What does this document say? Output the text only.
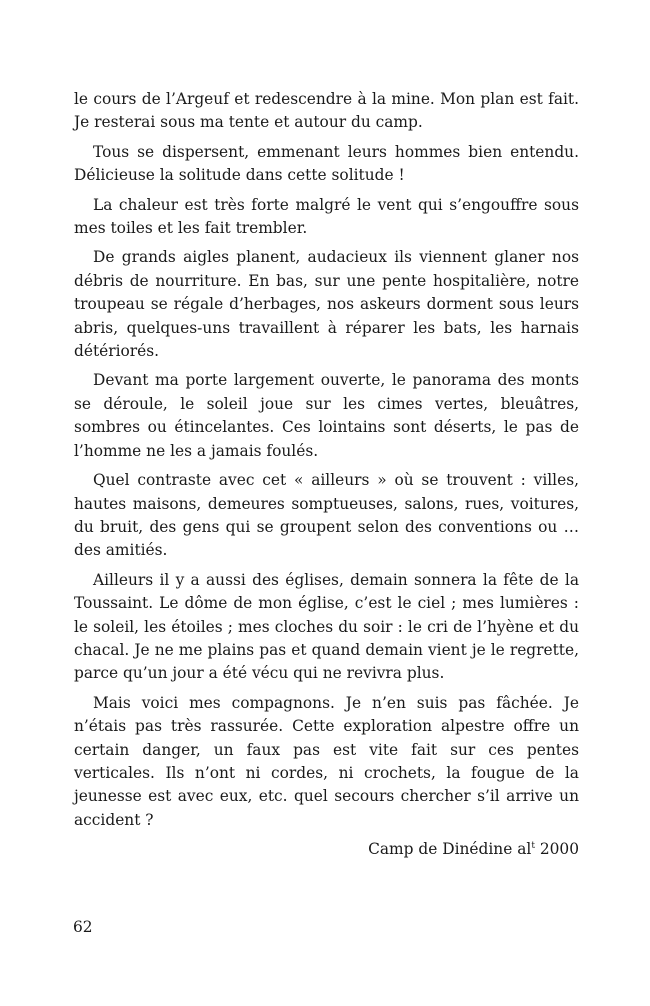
le cours de l’Argeuf et redescendre à la mine. Mon plan est fait. Je resterai sous ma tente et autour du camp.

Tous se dispersent, emmenant leurs hommes bien entendu. Délicieuse la solitude dans cette solitude !

La chaleur est très forte malgré le vent qui s’engouffre sous mes toiles et les fait trembler.

De grands aigles planent, audacieux ils viennent glaner nos débris de nourriture. En bas, sur une pente hospitalière, notre troupeau se régale d’herbages, nos askeurs dorment sous leurs abris, quelques-uns travaillent à réparer les bats, les harnais détériorés.

Devant ma porte largement ouverte, le panorama des monts se déroule, le soleil joue sur les cimes vertes, bleuâtres, sombres ou étincelantes. Ces lointains sont déserts, le pas de l’homme ne les a jamais foulés.

Quel contraste avec cet « ailleurs » où se trouvent : villes, hautes maisons, demeures somptueuses, salons, rues, voitures, du bruit, des gens qui se groupent selon des conventions ou … des amitiés.

Ailleurs il y a aussi des églises, demain sonnera la fête de la Toussaint. Le dôme de mon église, c’est le ciel ; mes lumières : le soleil, les étoiles ; mes cloches du soir : le cri de l’hyène et du chacal. Je ne me plains pas et quand demain vient je le regrette, parce qu’un jour a été vécu qui ne revivra plus.

Mais voici mes compagnons. Je n’en suis pas fâchée. Je n’étais pas très rassurée. Cette exploration alpestre offre un certain danger, un faux pas est vite fait sur ces pentes verticales. Ils n’ont ni cordes, ni crochets, la fougue de la jeunesse est avec eux, etc. quel secours chercher s’il arrive un accident ?

Camp de Dinédine $al^t$ 2000

62
